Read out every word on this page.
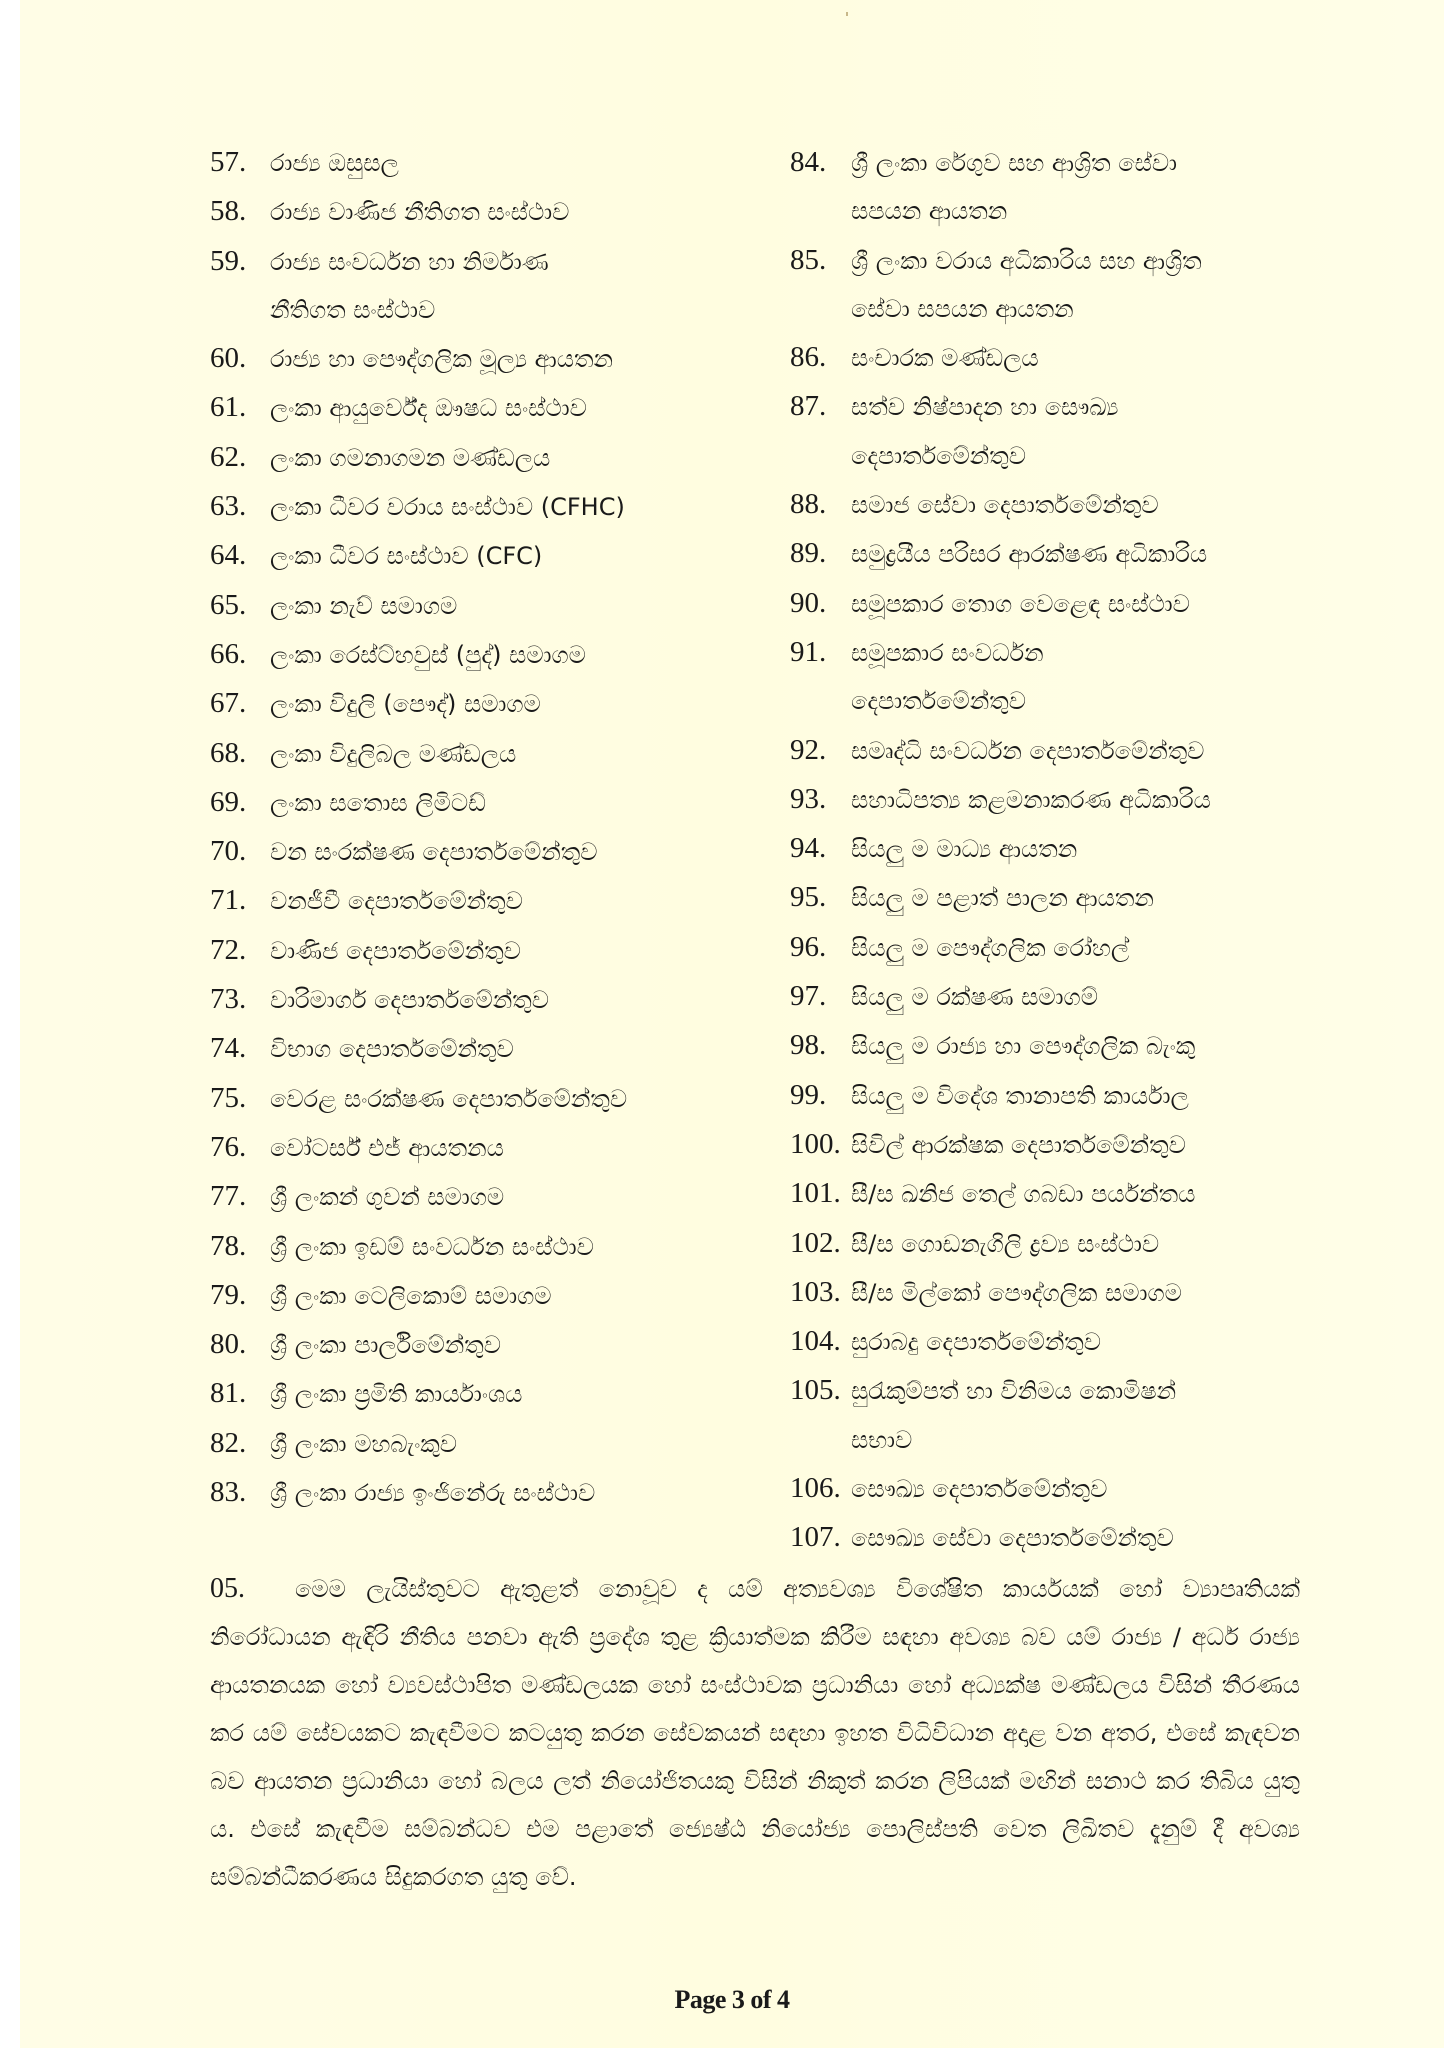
57. රාජ්‍ය ඔසුසල
58. රාජ්‍ය වාණිජ නීතිගත සංස්ථාව
59. රාජ්‍ය සංවර්ධන හා නිර්මාණ
නීතිගත සංස්ථාව
60. රාජ්‍ය හා පෞද්ගලික මූල්‍ය ආයතන
61. ලංකා ආයුර්වේද ඖෂධ සංස්ථාව
62. ලංකා ගමනාගමන මණ්ඩලය
63. ලංකා ධීවර වරාය සංස්ථාව (CFHC)
64. ලංකා ධීවර සංස්ථාව (CFC)
65. ලංකා නැව් සමාගම
66. ලංකා රෙස්ට්හවුස් (පුද්) සමාගම
67. ලංකා විදුලි (පෞද්) සමාගම
68. ලංකා විදුලිබල මණ්ඩලය
69. ලංකා සතොස ලිමිටඩ්
70. වන සංරක්ෂණ දෙපාර්තමේන්තුව
71. වනජීවී දෙපාර්තමේන්තුව
72. වාණිජ දෙපාර්තමේන්තුව
73. වාරිමාර්ග දෙපාර්තමේන්තුව
74. විභාග දෙපාර්තමේන්තුව
75. වෙරළ සංරක්ෂණ දෙපාර්තමේන්තුව
76. වෝටර්ස් එජ් ආයතනය
77. ශ්‍රී ලංකන් ගුවන් සමාගම
78. ශ්‍රී ලංකා ඉඩම් සංවර්ධන සංස්ථාව
79. ශ්‍රී ලංකා ටෙලිකොම් සමාගම
80. ශ්‍රී ලංකා පාර්ලිමේන්තුව
81. ශ්‍රී ලංකා ප්‍රමිති කාර්යාංශය
82. ශ්‍රී ලංකා මහබැංකුව
83. ශ්‍රී ලංකා රාජ්‍ය ඉංජිනේරු සංස්ථාව
84.	ශ්‍රී ලංකා රේගුව සහ ආශ්‍රිත සේවා
සපයන ආයතන
85.	ශ්‍රී ලංකා වරාය අධිකාරිය සහ ආශ්‍රිත
සේවා සපයන ආයතන
86.	සංචාරක මණ්ඩලය
87.	සත්ව නිෂ්පාදන හා සෞඛ්‍ය
දෙපාර්තමේන්තුව
88.	සමාජ සේවා දෙපාර්තමේන්තුව
89.	සමුද්‍රයීය පරිසර ආරක්ෂණ අධිකාරිය
90.	සමූපකාර තොග වෙළෙඳ සංස්ථාව
91.	සමූපකාර සංවර්ධන
දෙපාර්තමේන්තුව
92.	සමෘද්ධි සංවර්ධන දෙපාර්තමේන්තුව
93.	සහාධිපත්‍ය කළමනාකරණ අධිකාරිය
94.	සියලු ම මාධ්‍ය ආයතන
95.	සියලු ම පළාත් පාලන ආයතන
96.	සියලු ම පෞද්ගලික රෝහල්
97.	සියලු ම රක්ෂණ සමාගම්
98.	සියලු ම රාජ්‍ය හා පෞද්ගලික බැංකු
99.	සියලු ම විදේශ තානාපති කාර්යාල
100. සිවිල් ආරක්ෂක දෙපාර්තමේන්තුව
101. සී/ස ඛනිජ තෙල් ගබඩා පර්යන්තය
102. සී/ස ගොඩනැගිලි ද්‍රව්‍ය සංස්ථාව
103. සී/ස මිල්කෝ පෞද්ගලික සමාගම
104. සුරාබදු දෙපාර්තමේන්තුව
105. සුරැකුම්පත් හා විනිමය කොමිෂන්
සභාව
106. සෞඛ්‍ය දෙපාර්තමේන්තුව
107. සෞඛ්‍ය සේවා දෙපාර්තමේන්තුව
05. මෙම ලැයිස්තුවට ඇතුළත් නොවූව ද යම් අත්‍යවශ්‍ය විශේෂිත කාර්යයක් හෝ ව්‍යාපෘතියක් නිරෝධායන ඇඳිරි නීතිය පනවා ඇති ප්‍රදේශ තුළ ක්‍රියාත්මක කිරීම සඳහා අවශ්‍ය බව යම් රාජ්‍ය / අර්ධ රාජ්‍ය ආයතනයක හෝ ව්‍යවස්ථාපිත මණ්ඩලයක හෝ සංස්ථාවක ප්‍රධානියා හෝ අධ්‍යක්ෂ මණ්ඩලය විසින් තීරණය කර යම් සේවයකට කැඳවීමට කටයුතු කරන සේවකයන් සඳහා ඉහත විධිවිධාන අදාළ වන අතර, එසේ කැඳවන බව ආයතන ප්‍රධානියා හෝ බලය ලත් නියෝජිතයකු විසින් නිකුත් කරන ලිපියක් මඟින් සනාථ කර තිබිය යුතු ය. එසේ කැඳවීම සම්බන්ධව එම පළාතේ ජ්‍යෙෂ්ඨ නියෝජ්‍ය පොලිස්පති වෙත ලිඛිතව දැනුම් දී අවශ්‍ය සම්බන්ධීකරණය සිදුකරගත යුතු වේ.
Page 3 of 4
